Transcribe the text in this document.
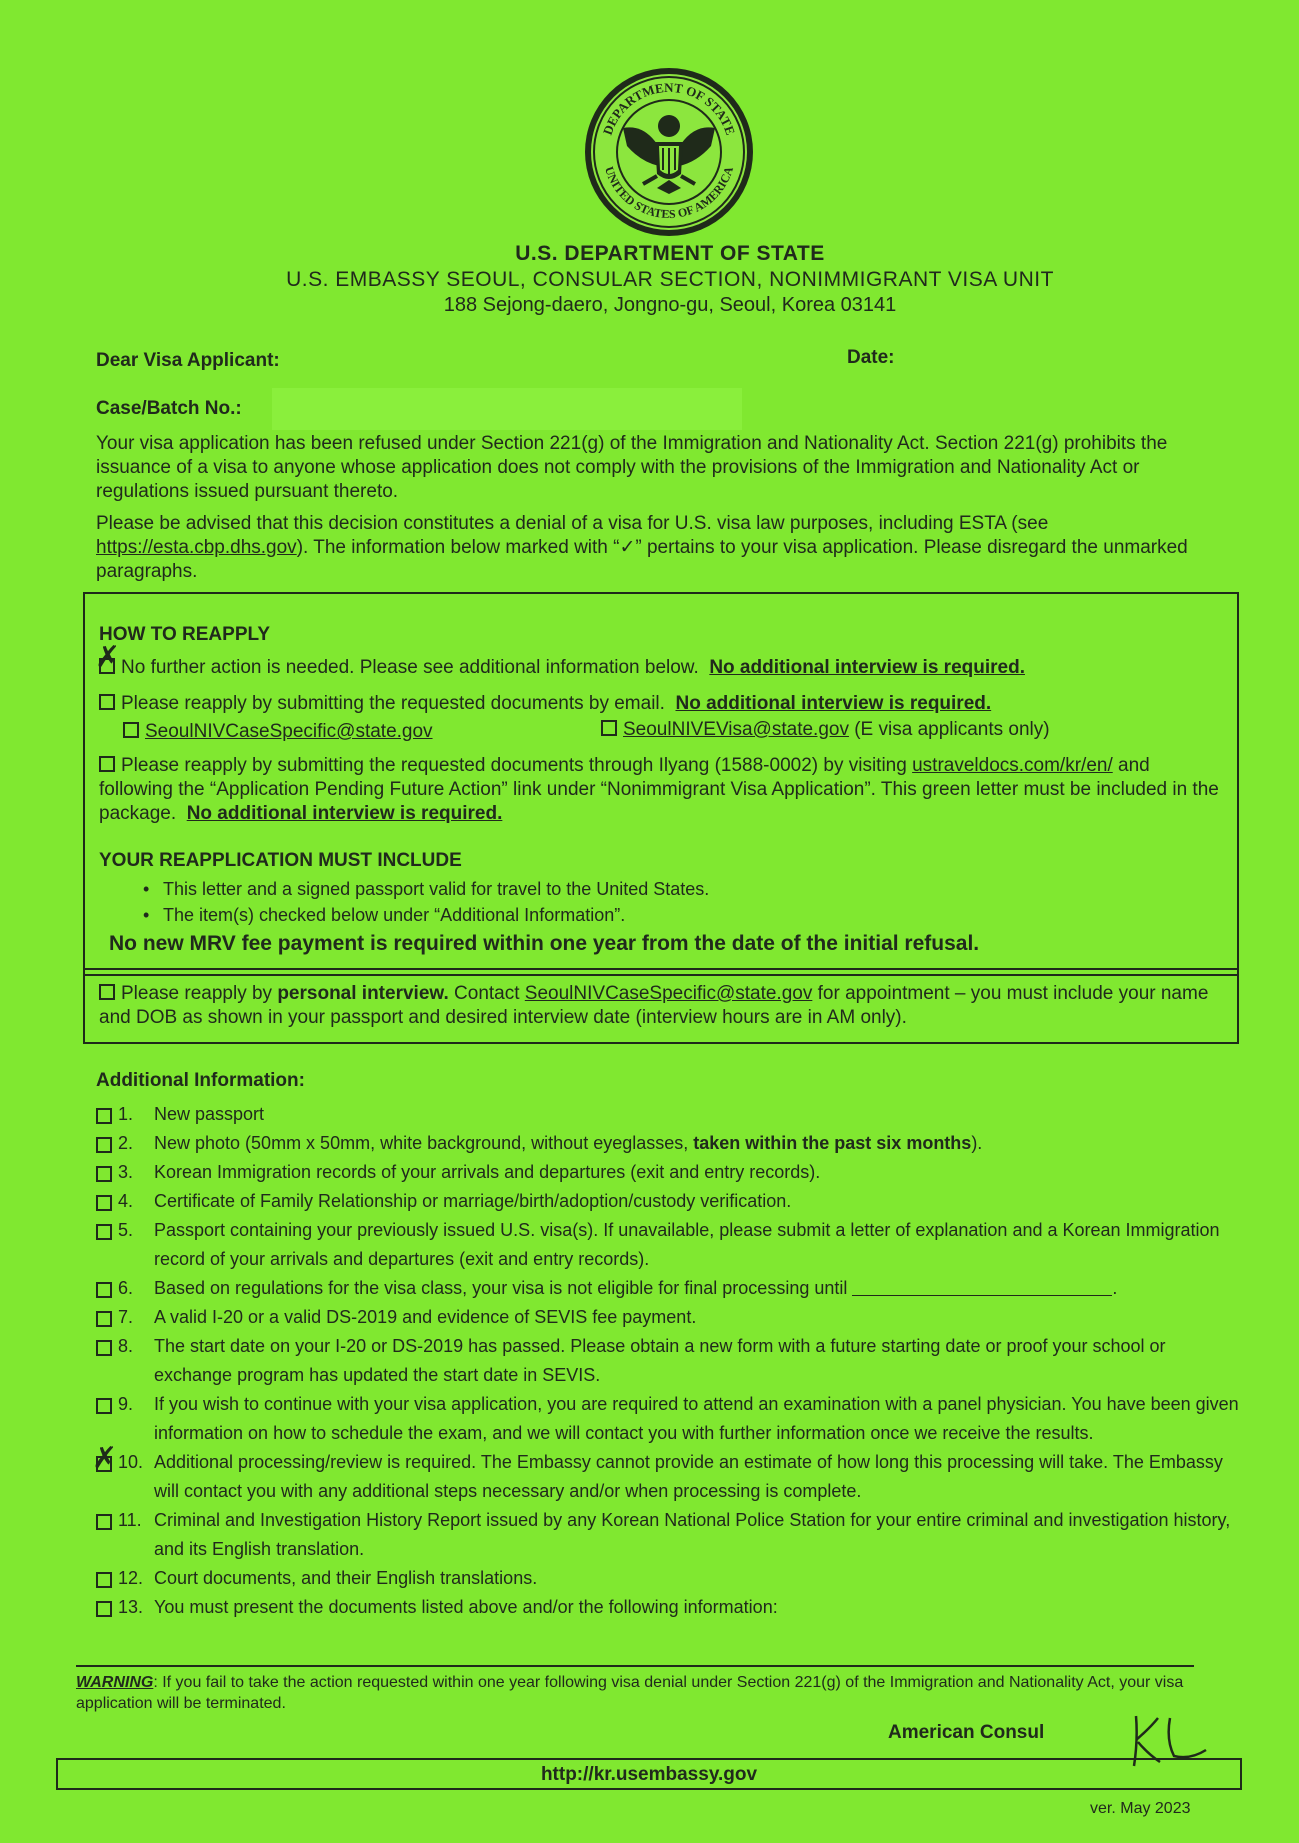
DEPARTMENT OF STATE
UNITED STATES OF AMERICA
U.S. DEPARTMENT OF STATE
U.S. EMBASSY SEOUL, CONSULAR SECTION, NONIMMIGRANT VISA UNIT
188 Sejong-daero, Jongno-gu, Seoul, Korea 03141
Dear Visa Applicant:	Date:
Case/Batch No.:
Your visa application has been refused under Section 221(g) of the Immigration and Nationality Act. Section 221(g) prohibits the issuance of a visa to anyone whose application does not comply with the provisions of the Immigration and Nationality Act or regulations issued pursuant thereto.
Please be advised that this decision constitutes a denial of a visa for U.S. visa law purposes, including ESTA (see https://esta.cbp.dhs.gov). The information below marked with “✓” pertains to your visa application. Please disregard the unmarked paragraphs.
HOW TO REAPPLY
✗No further action is needed. Please see additional information below. No additional interview is required.
Please reapply by submitting the requested documents by email. No additional interview is required.
SeoulNIVCaseSpecific@state.gov	SeoulNIVEVisa@state.gov (E visa applicants only)
Please reapply by submitting the requested documents through Ilyang (1588-0002) by visiting ustraveldocs.com/kr/en/ and following the “Application Pending Future Action” link under “Nonimmigrant Visa Application”. This green letter must be included in the package. No additional interview is required.
YOUR REAPPLICATION MUST INCLUDE
• This letter and a signed passport valid for travel to the United States.
• The item(s) checked below under “Additional Information”.
No new MRV fee payment is required within one year from the date of the initial refusal.
Please reapply by personal interview. Contact SeoulNIVCaseSpecific@state.gov for appointment – you must include your name and DOB as shown in your passport and desired interview date (interview hours are in AM only).
Additional Information:
1. New passport
2. New photo (50mm x 50mm, white background, without eyeglasses, taken within the past six months).
3. Korean Immigration records of your arrivals and departures (exit and entry records).
4. Certificate of Family Relationship or marriage/birth/adoption/custody verification.
5. Passport containing your previously issued U.S. visa(s). If unavailable, please submit a letter of explanation and a Korean Immigration record of your arrivals and departures (exit and entry records).
6. Based on regulations for the visa class, your visa is not eligible for final processing until	.
7. A valid I-20 or a valid DS-2019 and evidence of SEVIS fee payment.
8. The start date on your I-20 or DS-2019 has passed. Please obtain a new form with a future starting date or proof your school or exchange program has updated the start date in SEVIS.
9. If you wish to continue with your visa application, you are required to attend an examination with a panel physician. You have been given information on how to schedule the exam, and we will contact you with further information once we receive the results.
✗
10. Additional processing/review is required. The Embassy cannot provide an estimate of how long this processing will take. The Embassy will contact you with any additional steps necessary and/or when processing is complete.
11. Criminal and Investigation History Report issued by any Korean National Police Station for your entire criminal and investigation history, and its English translation.
12. Court documents, and their English translations.
13. You must present the documents listed above and/or the following information:
WARNING: If you fail to take the action requested within one year following visa denial under Section 221(g) of the Immigration and Nationality Act, your visa application will be terminated.
American Consul
http://kr.usembassy.gov
ver. May 2023
